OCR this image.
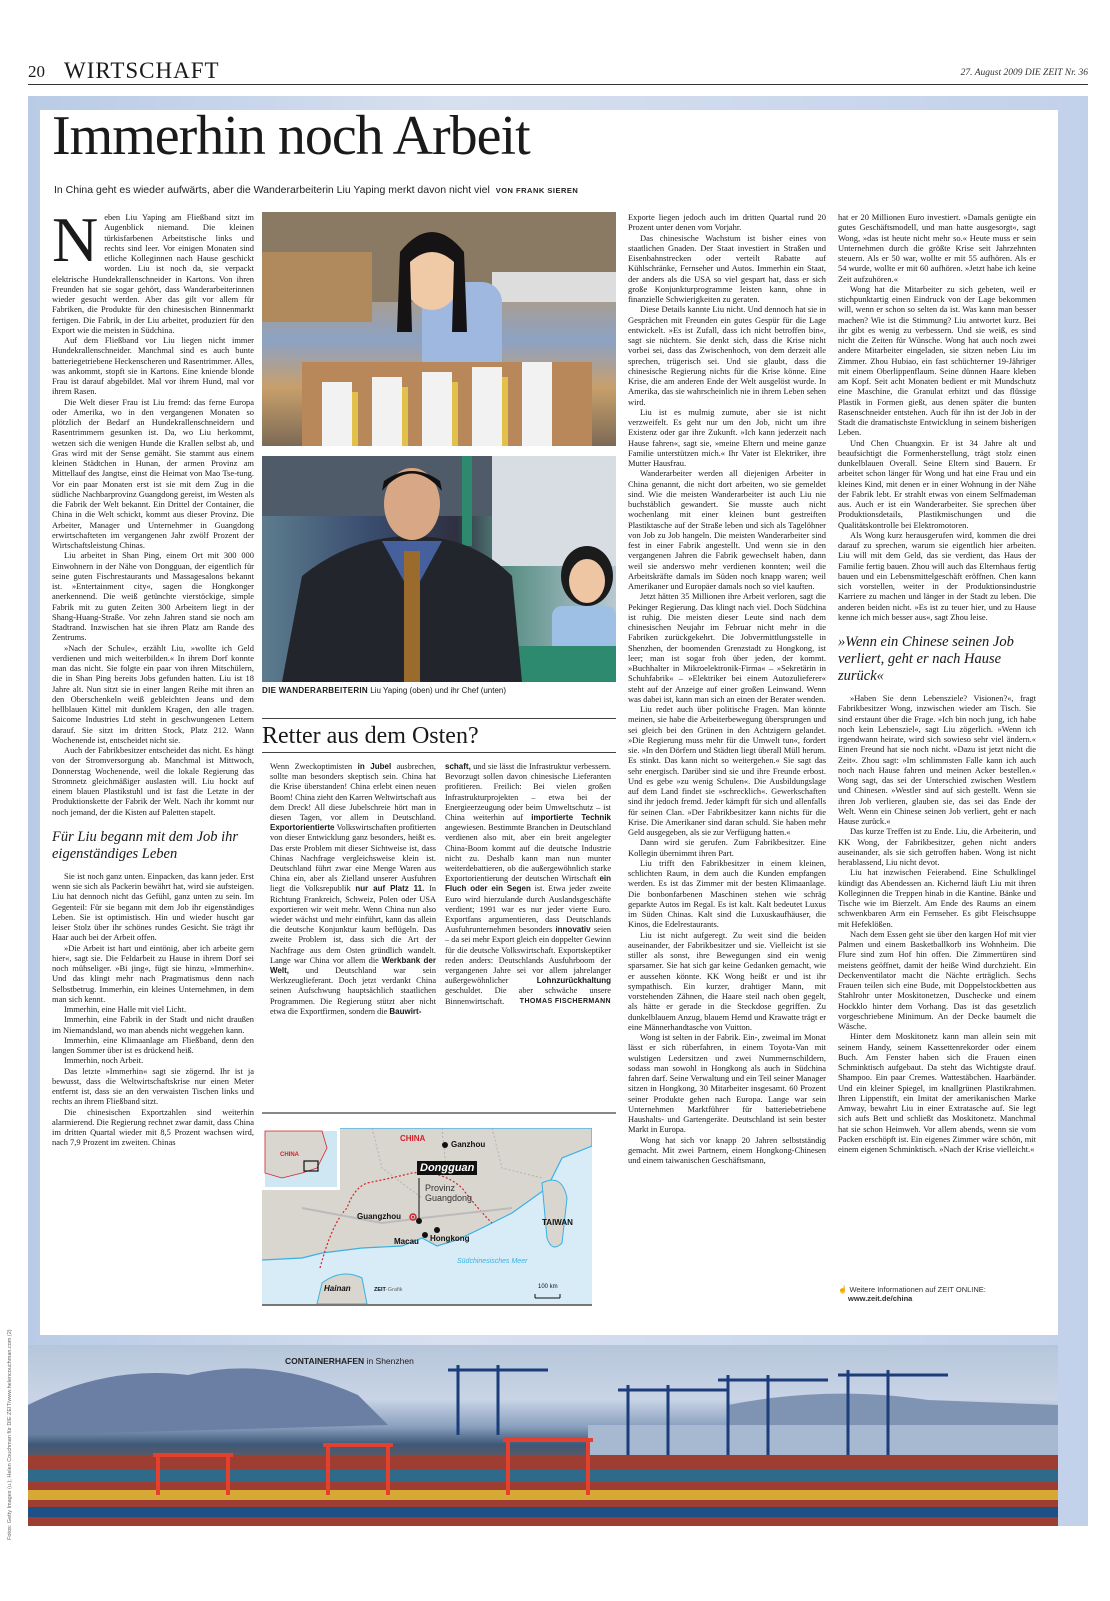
20 WIRTSCHAFT	27. August 2009 DIE ZEIT Nr. 36
Immerhin noch Arbeit
In China geht es wieder aufwärts, aber die Wanderarbeiterin Liu Yaping merkt davon nicht viel VON FRANK SIEREN

Neben Liu Yaping am Fließband sitzt im Augenblick niemand. Die kleinen türkisfarbenen Arbeitstische links und rechts sind leer. Vor einigen Monaten sind etliche Kolleginnen nach Hause geschickt worden. Liu ist noch da, sie verpackt elektrische Hundekrallenschneider in Kartons. Von ihren Freunden hat sie sogar gehört, dass Wanderarbeiterinnen wieder gesucht werden. Aber das gilt vor allem für Fabriken, die Produkte für den chinesischen Binnenmarkt fertigen. Die Fabrik, in der Liu arbeitet, produziert für den Export wie die meisten in Südchina.

Auf dem Fließband vor Liu liegen nicht immer Hundekrallenschneider. Manchmal sind es auch bunte batteriegetriebene Heckenscheren und Rasentrimmer. Alles, was ankommt, stopft sie in Kartons. Eine kniende blonde Frau ist darauf abgebildet. Mal vor ihrem Hund, mal vor ihrem Rasen.

Die Welt dieser Frau ist Liu fremd: das ferne Europa oder Amerika, wo in den vergangenen Monaten so plötzlich der Bedarf an Hundekrallenschneidern und Rasentrimmern gesunken ist. Da, wo Liu herkommt, wetzen sich die wenigen Hunde die Krallen selbst ab, und Gras wird mit der Sense gemäht. Sie stammt aus einem kleinen Städtchen in Hunan, der armen Provinz am Mittellauf des Jangtse, einst die Heimat von Mao Tse-tung. Vor ein paar Monaten erst ist sie mit dem Zug in die südliche Nachbarprovinz Guangdong gereist, im Westen als die Fabrik der Welt bekannt. Ein Drittel der Container, die China in die Welt schickt, kommt aus dieser Provinz. Die Arbeiter, Manager und Unternehmer in Guangdong erwirtschafteten im vergangenen Jahr zwölf Prozent der Wirtschaftsleistung Chinas.

Liu arbeitet in Shan Ping, einem Ort mit 300 000 Einwohnern in der Nähe von Dongguan, der eigentlich für seine guten Fischrestaurants und Massagesalons bekannt ist. »Entertainment city«, sagen die Hongkonger anerkennend. Die weiß getünchte vierstöckige, simple Fabrik mit zu guten Zeiten 300 Arbeitern liegt in der Shang-Huang-Straße. Vor zehn Jahren stand sie noch am Stadtrand. Inzwischen hat sie ihren Platz am Rande des Zentrums.

»Nach der Schule«, erzählt Liu, »wollte ich Geld verdienen und mich weiterbilden.« In ihrem Dorf konnte man das nicht. Sie folgte ein paar von ihren Mitschülern, die in Shan Ping bereits Jobs gefunden hatten. Liu ist 18 Jahre alt. Nun sitzt sie in einer langen Reihe mit ihren an den Oberschenkeln weiß gebleichten Jeans und dem hellblauen Kittel mit dunklem Kragen, den alle tragen. Saicome Industries Ltd steht in geschwungenen Lettern darauf. Sie sitzt im dritten Stock, Platz 212. Wann Wochenende ist, entscheidet nicht sie.

Auch der Fabrikbesitzer entscheidet das nicht. Es hängt von der Stromversorgung ab. Manchmal ist Mittwoch, Donnerstag Wochenende, weil die lokale Regierung das Stromnetz gleichmäßiger auslasten will. Liu hockt auf einem blauen Plastikstuhl und ist fast die Letzte in der Produktionskette der Fabrik der Welt. Nach ihr kommt nur noch jemand, der die Kisten auf Paletten stapelt.

Für Liu begann mit dem Job ihr eigenständiges Leben

Sie ist noch ganz unten. Einpacken, das kann jeder. Erst wenn sie sich als Packerin bewährt hat, wird sie aufsteigen. Liu hat dennoch nicht das Gefühl, ganz unten zu sein. Im Gegenteil: Für sie begann mit dem Job ihr eigenständiges Leben. Sie ist optimistisch. Hin und wieder huscht gar leiser Stolz über ihr schönes rundes Gesicht. Sie trägt ihr Haar auch bei der Arbeit offen.

»Die Arbeit ist hart und eintönig, aber ich arbeite gern hier«, sagt sie. Die Feldarbeit zu Hause in ihrem Dorf sei noch mühseliger. »Bi jing«, fügt sie hinzu, »Immerhin«. Und das klingt mehr nach Pragmatismus denn nach Selbstbetrug. Immerhin, ein kleines Unternehmen, in dem man sich kennt.

Immerhin, eine Halle mit viel Licht.

Immerhin, eine Fabrik in der Stadt und nicht draußen im Niemandsland, wo man abends nicht weggehen kann.

Immerhin, eine Klimaanlage am Fließband, denn den langen Sommer über ist es drückend heiß.

Immerhin, noch Arbeit.

Das letzte »Immerhin« sagt sie zögernd. Ihr ist ja bewusst, dass die Weltwirtschaftskrise nur einen Meter entfernt ist, dass sie an den verwaisten Tischen links und rechts an ihrem Fließband sitzt.

Die chinesischen Exportzahlen sind weiterhin alarmierend. Die Regierung rechnet zwar damit, dass China im dritten Quartal wieder mit 8,5 Prozent wachsen wird, nach 7,9 Prozent im zweiten. Chinas

DIE WANDERARBEITERIN Liu Yaping (oben) und ihr Chef (unten)
Retter aus dem Osten?

Wenn Zweckoptimisten in Jubel ausbrechen, sollte man besonders skeptisch sein. China hat die Krise überstanden! China erlebt einen neuen Boom! China zieht den Karren Weltwirtschaft aus dem Dreck! All diese Jubelschreie hört man in diesen Tagen, vor allem in Deutschland. Exportorientierte Volkswirtschaften profitierten von dieser Entwicklung ganz besonders, heißt es. Das erste Problem mit dieser Sichtweise ist, dass Chinas Nachfrage vergleichsweise klein ist. Deutschland führt zwar eine Menge Waren aus China ein, aber als Zielland unserer Ausfuhren liegt die Volksrepublik nur auf Platz 11. In Richtung Frankreich, Schweiz, Polen oder USA exportieren wir weit mehr. Wenn China nun also wieder wächst und mehr einführt, kann das allein die deutsche Konjunktur kaum beflügeln. Das zweite Problem ist, dass sich die Art der Nachfrage aus dem Osten gründlich wandelt. Lange war China vor allem die Werkbank der Welt, und Deutschland war sein Werkzeuglieferant. Doch jetzt verdankt China seinen Aufschwung hauptsächlich staatlichen Programmen. Die Regierung stützt aber nicht etwa die Exportfirmen, sondern die Bauwirt-

schaft, und sie lässt die Infrastruktur verbessern. Bevorzugt sollen davon chinesische Lieferanten profitieren. Freilich: Bei vielen großen Infrastrukturprojekten – etwa bei der Energieerzeugung oder beim Umweltschutz – ist China weiterhin auf importierte Technik angewiesen. Bestimmte Branchen in Deutschland verdienen also mit, aber ein breit angelegter China-Boom kommt auf die deutsche Industrie nicht zu. Deshalb kann man nun munter weiterdebattieren, ob die außergewöhnlich starke Exportorientierung der deutschen Wirtschaft ein Fluch oder ein Segen ist. Etwa jeder zweite Euro wird hierzulande durch Auslandsgeschäfte verdient; 1991 war es nur jeder vierte Euro. Exportfans argumentieren, dass Deutschlands Ausfuhrunternehmen besonders innovativ seien – da sei mehr Export gleich ein doppelter Gewinn für die deutsche Volkswirtschaft. Exportskeptiker reden anders: Deutschlands Ausfuhrboom der vergangenen Jahre sei vor allem jahrelanger außergewöhnlicher Lohnzurückhaltung geschuldet. Die aber schwäche unsere Binnenwirtschaft. THOMAS FISCHERMANN

CHINA
CHINA
Ganzhou
Dongguan
Provinz Guangdong
Guangzhou
Macau Hongkong
TAIWAN
Südchinesisches Meer
Hainan	ZEIT-Grafik	100 km

Exporte liegen jedoch auch im dritten Quartal rund 20 Prozent unter denen vom Vorjahr.

Das chinesische Wachstum ist bisher eines von staatlichen Gnaden. Der Staat investiert in Straßen und Eisenbahnstrecken oder verteilt Rabatte auf Kühlschränke, Fernseher und Autos. Immerhin ein Staat, der anders als die USA so viel gespart hat, dass er sich große Konjunkturprogramme leisten kann, ohne in finanzielle Schwierigkeiten zu geraten.

Diese Details kannte Liu nicht. Und dennoch hat sie in Gesprächen mit Freunden ein gutes Gespür für die Lage entwickelt. »Es ist Zufall, dass ich nicht betroffen bin«, sagt sie nüchtern. Sie denkt sich, dass die Krise nicht vorbei sei, dass das Zwischenhoch, von dem derzeit alle sprechen, trügerisch sei. Und sie glaubt, dass die chinesische Regierung nichts für die Krise könne. Eine Krise, die am anderen Ende der Welt ausgelöst wurde. In Amerika, das sie wahrscheinlich nie in ihrem Leben sehen wird.

Liu ist es mulmig zumute, aber sie ist nicht verzweifelt. Es geht nur um den Job, nicht um ihre Existenz oder gar ihre Zukunft. »Ich kann jederzeit nach Hause fahren«, sagt sie, »meine Eltern und meine ganze Familie unterstützen mich.« Ihr Vater ist Elektriker, ihre Mutter Hausfrau.

Wanderarbeiter werden all diejenigen Arbeiter in China genannt, die nicht dort arbeiten, wo sie gemeldet sind. Wie die meisten Wanderarbeiter ist auch Liu nie buchstäblich gewandert. Sie musste auch nicht wochenlang mit einer kleinen bunt gestreiften Plastiktasche auf der Straße leben und sich als Tagelöhner von Job zu Job hangeln. Die meisten Wanderarbeiter sind fest in einer Fabrik angestellt. Und wenn sie in den vergangenen Jahren die Fabrik gewechselt haben, dann weil sie anderswo mehr verdienen konnten; weil die Arbeitskräfte damals im Süden noch knapp waren; weil Amerikaner und Europäer damals noch so viel kauften.

Jetzt hätten 35 Millionen ihre Arbeit verloren, sagt die Pekinger Regierung. Das klingt nach viel. Doch Südchina ist ruhig. Die meisten dieser Leute sind nach dem chinesischen Neujahr im Februar nicht mehr in die Fabriken zurückgekehrt. Die Jobvermittlungsstelle in Shenzhen, der boomenden Grenzstadt zu Hongkong, ist leer; man ist sogar froh über jeden, der kommt. »Buchhalter in Mikroelektronik-Firma« – »Sekretärin in Schuhfabrik« – »Elektriker bei einem Autozulieferer« steht auf der Anzeige auf einer großen Leinwand. Wenn was dabei ist, kann man sich an einen der Berater wenden.

Liu redet auch über politische Fragen. Man könnte meinen, sie habe die Arbeiterbewegung übersprungen und sei gleich bei den Grünen in den Achtzigern gelandet. »Die Regierung muss mehr für die Umwelt tun«, fordert sie. »In den Dörfern und Städten liegt überall Müll herum. Es stinkt. Das kann nicht so weitergehen.« Sie sagt das sehr energisch. Darüber sind sie und ihre Freunde erbost. Und es gebe »zu wenig Schulen«. Die Ausbildungslage auf dem Land findet sie »schrecklich«. Gewerkschaften sind ihr jedoch fremd. Jeder kämpft für sich und allenfalls für seinen Clan. »Der Fabrikbesitzer kann nichts für die Krise. Die Amerikaner sind daran schuld. Sie haben mehr Geld ausgegeben, als sie zur Verfügung hatten.«

Dann wird sie gerufen. Zum Fabrikbesitzer. Eine Kollegin übernimmt ihren Part.

Liu trifft den Fabrikbesitzer in einem kleinen, schlichten Raum, in dem auch die Kunden empfangen werden. Es ist das Zimmer mit der besten Klimaanlage. Die bonbonfarbenen Maschinen stehen wie schräg geparkte Autos im Regal. Es ist kalt. Kalt bedeutet Luxus im Süden Chinas. Kalt sind die Luxuskaufhäuser, die Kinos, die Edelrestaurants.

Liu ist nicht aufgeregt. Zu weit sind die beiden auseinander, der Fabrikbesitzer und sie. Vielleicht ist sie stiller als sonst, ihre Bewegungen sind ein wenig sparsamer. Sie hat sich gar keine Gedanken gemacht, wie er aussehen könnte. KK Wong heißt er und ist ihr sympathisch. Ein kurzer, drahtiger Mann, mit vorstehenden Zähnen, die Haare steil nach oben gegelt, als hätte er gerade in die Steckdose gegriffen. Zu dunkelblauem Anzug, blauem Hemd und Krawatte trägt er eine Männerhandtasche von Vuitton.

Wong ist selten in der Fabrik. Ein-, zweimal im Monat lässt er sich rüberfahren, in einem Toyota-Van mit wulstigen Ledersitzen und zwei Nummernschildern, sodass man sowohl in Hongkong als auch in Südchina fahren darf. Seine Verwaltung und ein Teil seiner Manager sitzen in Hongkong, 30 Mitarbeiter insgesamt. 60 Prozent seiner Produkte gehen nach Europa. Lange war sein Unternehmen Marktführer für batteriebetriebene Haushalts- und Gartengeräte. Deutschland ist sein bester Markt in Europa.

Wong hat sich vor knapp 20 Jahren selbstständig gemacht. Mit zwei Partnern, einem Hongkong-Chinesen und einem taiwanischen Geschäftsmann,

hat er 20 Millionen Euro investiert. »Damals genügte ein gutes Geschäftsmodell, und man hatte ausgesorgt«, sagt Wong, »das ist heute nicht mehr so.« Heute muss er sein Unternehmen durch die größte Krise seit Jahrzehnten steuern. Als er 50 war, wollte er mit 55 aufhören. Als er 54 wurde, wollte er mit 60 aufhören. »Jetzt habe ich keine Zeit aufzuhören.«

Wong hat die Mitarbeiter zu sich gebeten, weil er stichpunktartig einen Eindruck von der Lage bekommen will, wenn er schon so selten da ist. Was kann man besser machen? Wie ist die Stimmung? Liu antwortet kurz. Bei ihr gibt es wenig zu verbessern. Und sie weiß, es sind nicht die Zeiten für Wünsche. Wong hat auch noch zwei andere Mitarbeiter eingeladen, sie sitzen neben Liu im Zimmer. Zhou Hubiao, ein fast schüchterner 19-Jähriger mit einem Oberlippenflaum. Seine dünnen Haare kleben am Kopf. Seit acht Monaten bedient er mit Mundschutz eine Maschine, die Granulat erhitzt und das flüssige Plastik in Formen gießt, aus denen später die bunten Rasenschneider entstehen. Auch für ihn ist der Job in der Stadt die dramatischste Entwicklung in seinem bisherigen Leben.

Und Chen Chuangxin. Er ist 34 Jahre alt und beaufsichtigt die Formenherstellung, trägt stolz einen dunkelblauen Overall. Seine Eltern sind Bauern. Er arbeitet schon länger für Wong und hat eine Frau und ein kleines Kind, mit denen er in einer Wohnung in der Nähe der Fabrik lebt. Er strahlt etwas von einem Selfmademan aus. Auch er ist ein Wanderarbeiter. Sie sprechen über Produktionsdetails, Plastikmischungen und die Qualitätskontrolle bei Elektromotoren.

Als Wong kurz herausgerufen wird, kommen die drei darauf zu sprechen, warum sie eigentlich hier arbeiten. Liu will mit dem Geld, das sie verdient, das Haus der Familie fertig bauen. Zhou will auch das Elternhaus fertig bauen und ein Lebensmittelgeschäft eröffnen. Chen kann sich vorstellen, weiter in der Produktionsindustrie Karriere zu machen und länger in der Stadt zu leben. Die anderen beiden nicht. »Es ist zu teuer hier, und zu Hause kenne ich mich besser aus«, sagt Zhou leise.

»Wenn ein Chinese seinen Job verliert, geht er nach Hause zurück«

»Haben Sie denn Lebensziele? Visionen?«, fragt Fabrikbesitzer Wong, inzwischen wieder am Tisch. Sie sind erstaunt über die Frage. »Ich bin noch jung, ich habe noch kein Lebensziel«, sagt Liu zögerlich. »Wenn ich irgendwann heirate, wird sich sowieso sehr viel ändern.« Einen Freund hat sie noch nicht. »Dazu ist jetzt nicht die Zeit«. Zhou sagt: »Im schlimmsten Falle kann ich auch noch nach Hause fahren und meinen Acker bestellen.« Wong sagt, das sei der Unterschied zwischen Westlern und Chinesen. »Westler sind auf sich gestellt. Wenn sie ihren Job verlieren, glauben sie, das sei das Ende der Welt. Wenn ein Chinese seinen Job verliert, geht er nach Hause zurück.«

Das kurze Treffen ist zu Ende. Liu, die Arbeiterin, und KK Wong, der Fabrikbesitzer, gehen nicht anders auseinander, als sie sich getroffen haben. Wong ist nicht herablassend, Liu nicht devot.

Liu hat inzwischen Feierabend. Eine Schulklingel kündigt das Abendessen an. Kichernd läuft Liu mit ihren Kolleginnen die Treppen hinab in die Kantine. Bänke und Tische wie im Bierzelt. Am Ende des Raums an einem schwenkbaren Arm ein Fernseher. Es gibt Fleischsuppe mit Hefeklößen.

Nach dem Essen geht sie über den kargen Hof mit vier Palmen und einem Basketballkorb ins Wohnheim. Die Flure sind zum Hof hin offen. Die Zimmertüren sind meistens geöffnet, damit der heiße Wind durchzieht. Ein Deckenventilator macht die Nächte erträglich. Sechs Frauen teilen sich eine Bude, mit Doppelstockbetten aus Stahlrohr unter Moskitonetzen, Duschecke und einem Hockklo hinter dem Vorhang. Das ist das gesetzlich vorgeschriebene Minimum. An der Decke baumelt die Wäsche.

Hinter dem Moskitonetz kann man allein sein mit seinem Handy, seinem Kassettenrekorder oder einem Buch. Am Fenster haben sich die Frauen einen Schminktisch aufgebaut. Da steht das Wichtigste drauf. Shampoo. Ein paar Cremes. Wattestäbchen. Haarbänder. Und ein kleiner Spiegel, im knallgrünen Plastikrahmen. Ihren Lippenstift, ein Imitat der amerikanischen Marke Amway, bewahrt Liu in einer Extratasche auf. Sie legt sich aufs Bett und schließt das Moskitonetz. Manchmal hat sie schon Heimweh. Vor allem abends, wenn sie vom Packen erschöpft ist. Ein eigenes Zimmer wäre schön, mit einem eigenen Schminktisch. »Nach der Krise vielleicht.«

☝ Weitere Informationen auf ZEIT ONLINE:
www.zeit.de/china
CONTAINERHAFEN in Shenzhen
Fotos: Getty Images (u.); Helen Couchman für DIE ZEIT/www.helencouchman.com (2)
